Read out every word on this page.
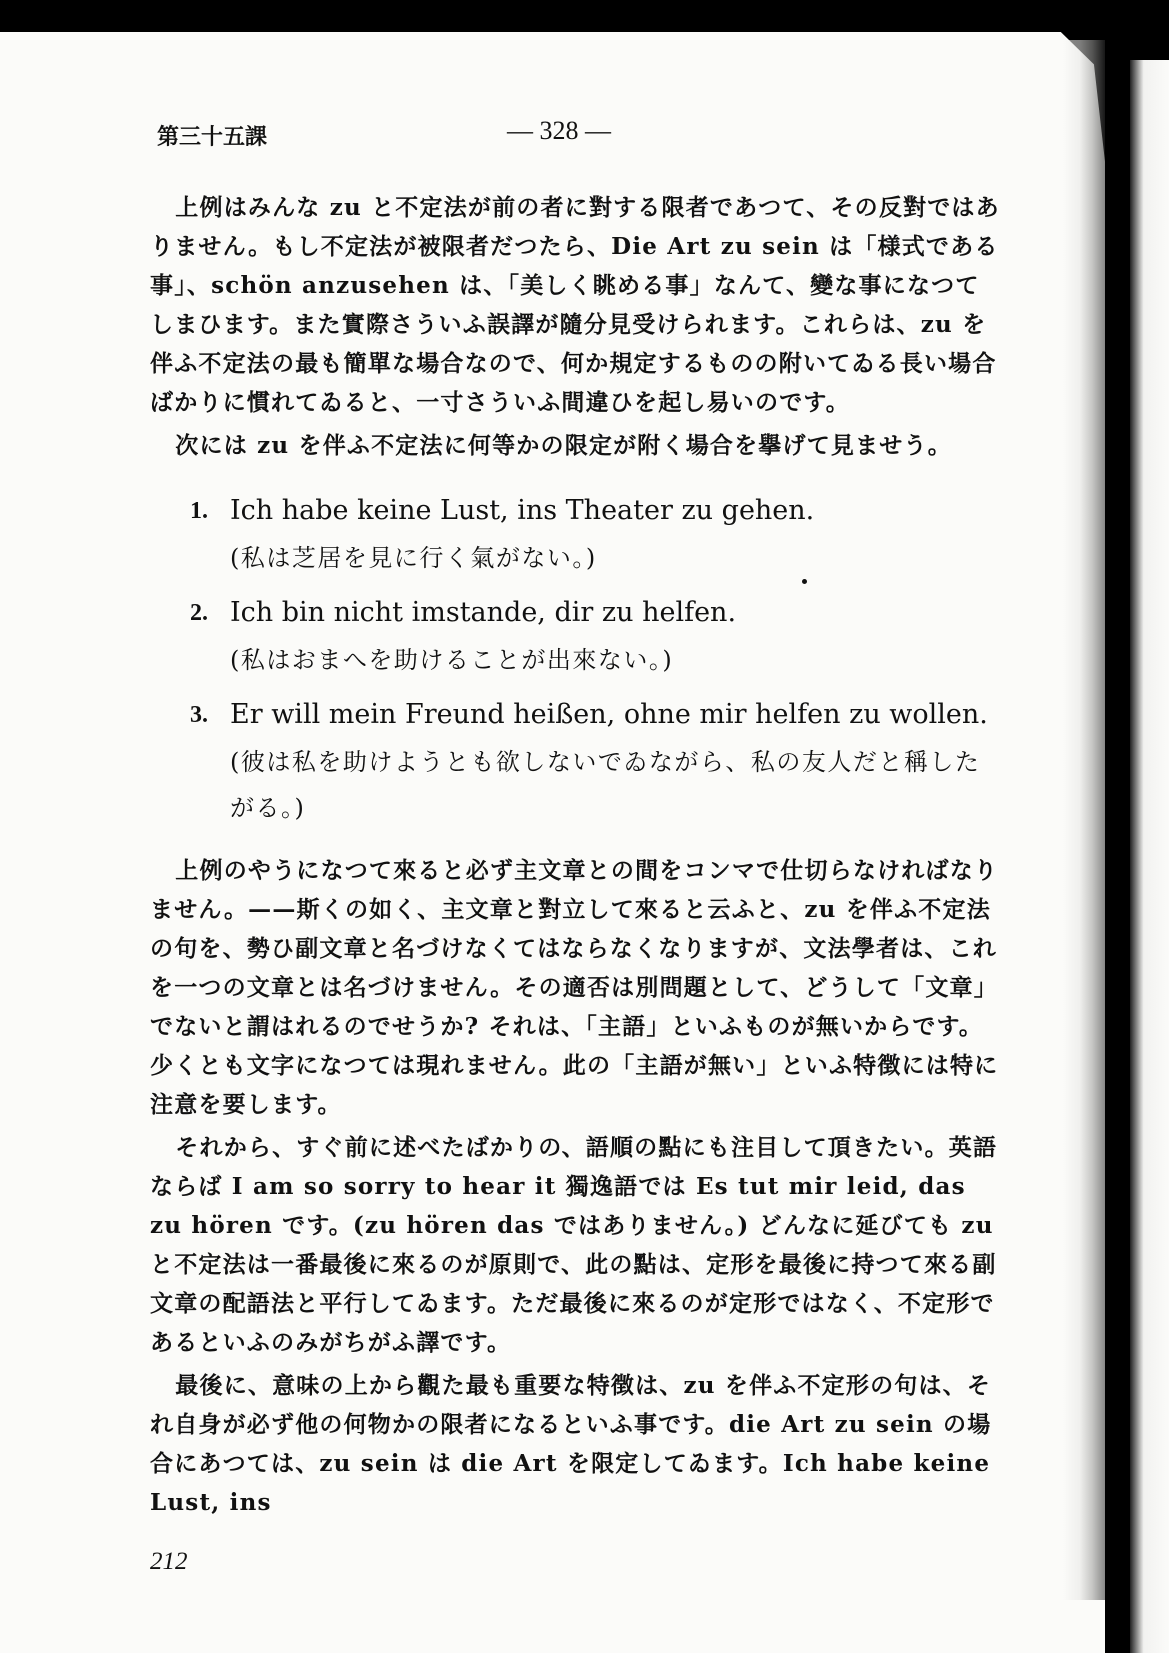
第三十五課	— 328 —

上例はみんな zu と不定法が前の者に對する限者であつて、その反對ではありません。もし不定法が被限者だつたら、Die Art zu sein は「様式である事」、schön anzusehen は、「美しく眺める事」なんて、變な事になつてしまひます。また實際さういふ誤譯が隨分見受けられます。これらは、zu を伴ふ不定法の最も簡單な場合なので、何か規定するものの附いてゐる長い場合ばかりに慣れてゐると、一寸さういふ間違ひを起し易いのです。

次には zu を伴ふ不定法に何等かの限定が附く場合を擧げて見ませう。

1. Ich habe keine Lust, ins Theater zu gehen.
(私は芝居を見に行く氣がない。)
2. Ich bin nicht imstande, dir zu helfen.
(私はおまへを助けることが出來ない。)
3. Er will mein Freund heißen, ohne mir helfen zu wollen.
(彼は私を助けようとも欲しないでゐながら、私の友人だと稱したがる。)

上例のやうになつて來ると必ず主文章との間をコンマで仕切らなければなりません。——斯くの如く、主文章と對立して來ると云ふと、zu を伴ふ不定法の句を、勢ひ副文章と名づけなくてはならなくなりますが、文法學者は、これを一つの文章とは名づけません。その適否は別問題として、どうして「文章」でないと謂はれるのでせうか? それは、「主語」といふものが無いからです。少くとも文字になつては現れません。此の「主語が無い」といふ特徴には特に注意を要します。

それから、すぐ前に述べたばかりの、語順の點にも注目して頂きたい。英語ならば I am so sorry to hear it 獨逸語では Es tut mir leid, das zu hören です。(zu hören das ではありません。) どんなに延びても zu と不定法は一番最後に來るのが原則で、此の點は、定形を最後に持つて來る副文章の配語法と平行してゐます。ただ最後に來るのが定形ではなく、不定形であるといふのみがちがふ譯です。

最後に、意味の上から觀た最も重要な特徴は、zu を伴ふ不定形の句は、それ自身が必ず他の何物かの限者になるといふ事です。die Art zu sein の場合にあつては、zu sein は die Art を限定してゐます。Ich habe keine Lust, ins

212
